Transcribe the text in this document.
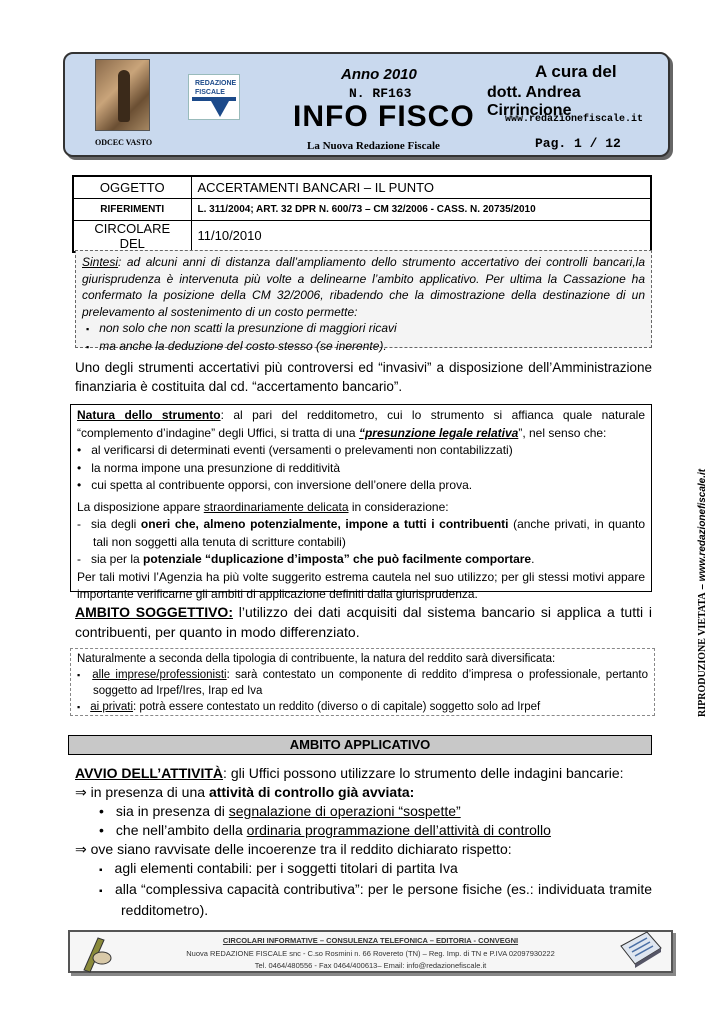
ODCEC VASTO
REDAZIONE FISCALE
Anno 2010
N. RF163
INFO FISCO
La Nuova Redazione Fiscale
A cura del
dott. Andrea Cirrincione
www.redazionefiscale.it
Pag. 1 / 12
OGGETTO	ACCERTAMENTI BANCARI – IL PUNTO
RIFERIMENTI	L. 311/2004; ART. 32 DPR N. 600/73 – CM 32/2006 - CASS. N. 20735/2010
CIRCOLARE DEL	11/10/2010
Sintesi: ad alcuni anni di distanza dall’ampliamento dello strumento accertativo dei controlli bancari,la giurisprudenza è intervenuta più volte a delinearne l’ambito applicativo. Per ultima la Cassazione ha confermato la posizione della CM 32/2006, ribadendo che la dimostrazione della destinazione di un prelevamento al sostenimento di un costo permette:
▪ non solo che non scatti la presunzione di maggiori ricavi
▪ ma anche la deduzione del costo stesso (se inerente).
Uno degli strumenti accertativi più controversi ed “invasivi” a disposizione dell’Amministrazione finanziaria è costituita dal cd. “accertamento bancario”.
Natura dello strumento: al pari del redditometro, cui lo strumento si affianca quale naturale “complemento d’indagine” degli Uffici, si tratta di una “presunzione legale relativa”, nel senso che:
• al verificarsi di determinati eventi (versamenti o prelevamenti non contabilizzati)
• la norma impone una presunzione di redditività
• cui spetta al contribuente opporsi, con inversione dell’onere della prova.
La disposizione appare straordinariamente delicata in considerazione:
- sia degli oneri che, almeno potenzialmente, impone a tutti i contribuenti (anche privati, in quanto tali non soggetti alla tenuta di scritture contabili)
- sia per la potenziale “duplicazione d’imposta” che può facilmente comportare.
Per tali motivi l’Agenzia ha più volte suggerito estrema cautela nel suo utilizzo; per gli stessi motivi appare importante verificarne gli ambiti di applicazione definiti dalla giurisprudenza.
AMBITO SOGGETTIVO: l’utilizzo dei dati acquisiti dal sistema bancario si applica a tutti i contribuenti, per quanto in modo differenziato.
Naturalmente a seconda della tipologia di contribuente, la natura del reddito sarà diversificata:
▪ alle imprese/professionisti: sarà contestato un componente di reddito d’impresa o professionale, pertanto soggetto ad Irpef/Ires, Irap ed Iva
▪ ai privati: potrà essere contestato un reddito (diverso o di capitale) soggetto solo ad Irpef
AMBITO APPLICATIVO
AVVIO DELL’ATTIVITÀ: gli Uffici possono utilizzare lo strumento delle indagini bancarie:
⇒ in presenza di una attività di controllo già avviata:
• sia in presenza di segnalazione di operazioni “sospette”
• che nell’ambito della ordinaria programmazione dell’attività di controllo
⇒ ove siano ravvisate delle incoerenze tra il reddito dichiarato rispetto:
▪ agli elementi contabili: per i soggetti titolari di partita Iva
▪ alla “complessiva capacità contributiva”: per le persone fisiche (es.: individuata tramite redditometro).
CIRCOLARI INFORMATIVE – CONSULENZA TELEFONICA – EDITORIA - CONVEGNI
Nuova REDAZIONE FISCALE snc - C.so Rosmini n. 66 Rovereto (TN) – Reg. Imp. di TN e P.IVA 02097930222
Tel. 0464/480556 - Fax 0464/400613– Email: info@redazionefiscale.it
RIPRODUZIONE VIETATA – www.redazionefiscale.it
